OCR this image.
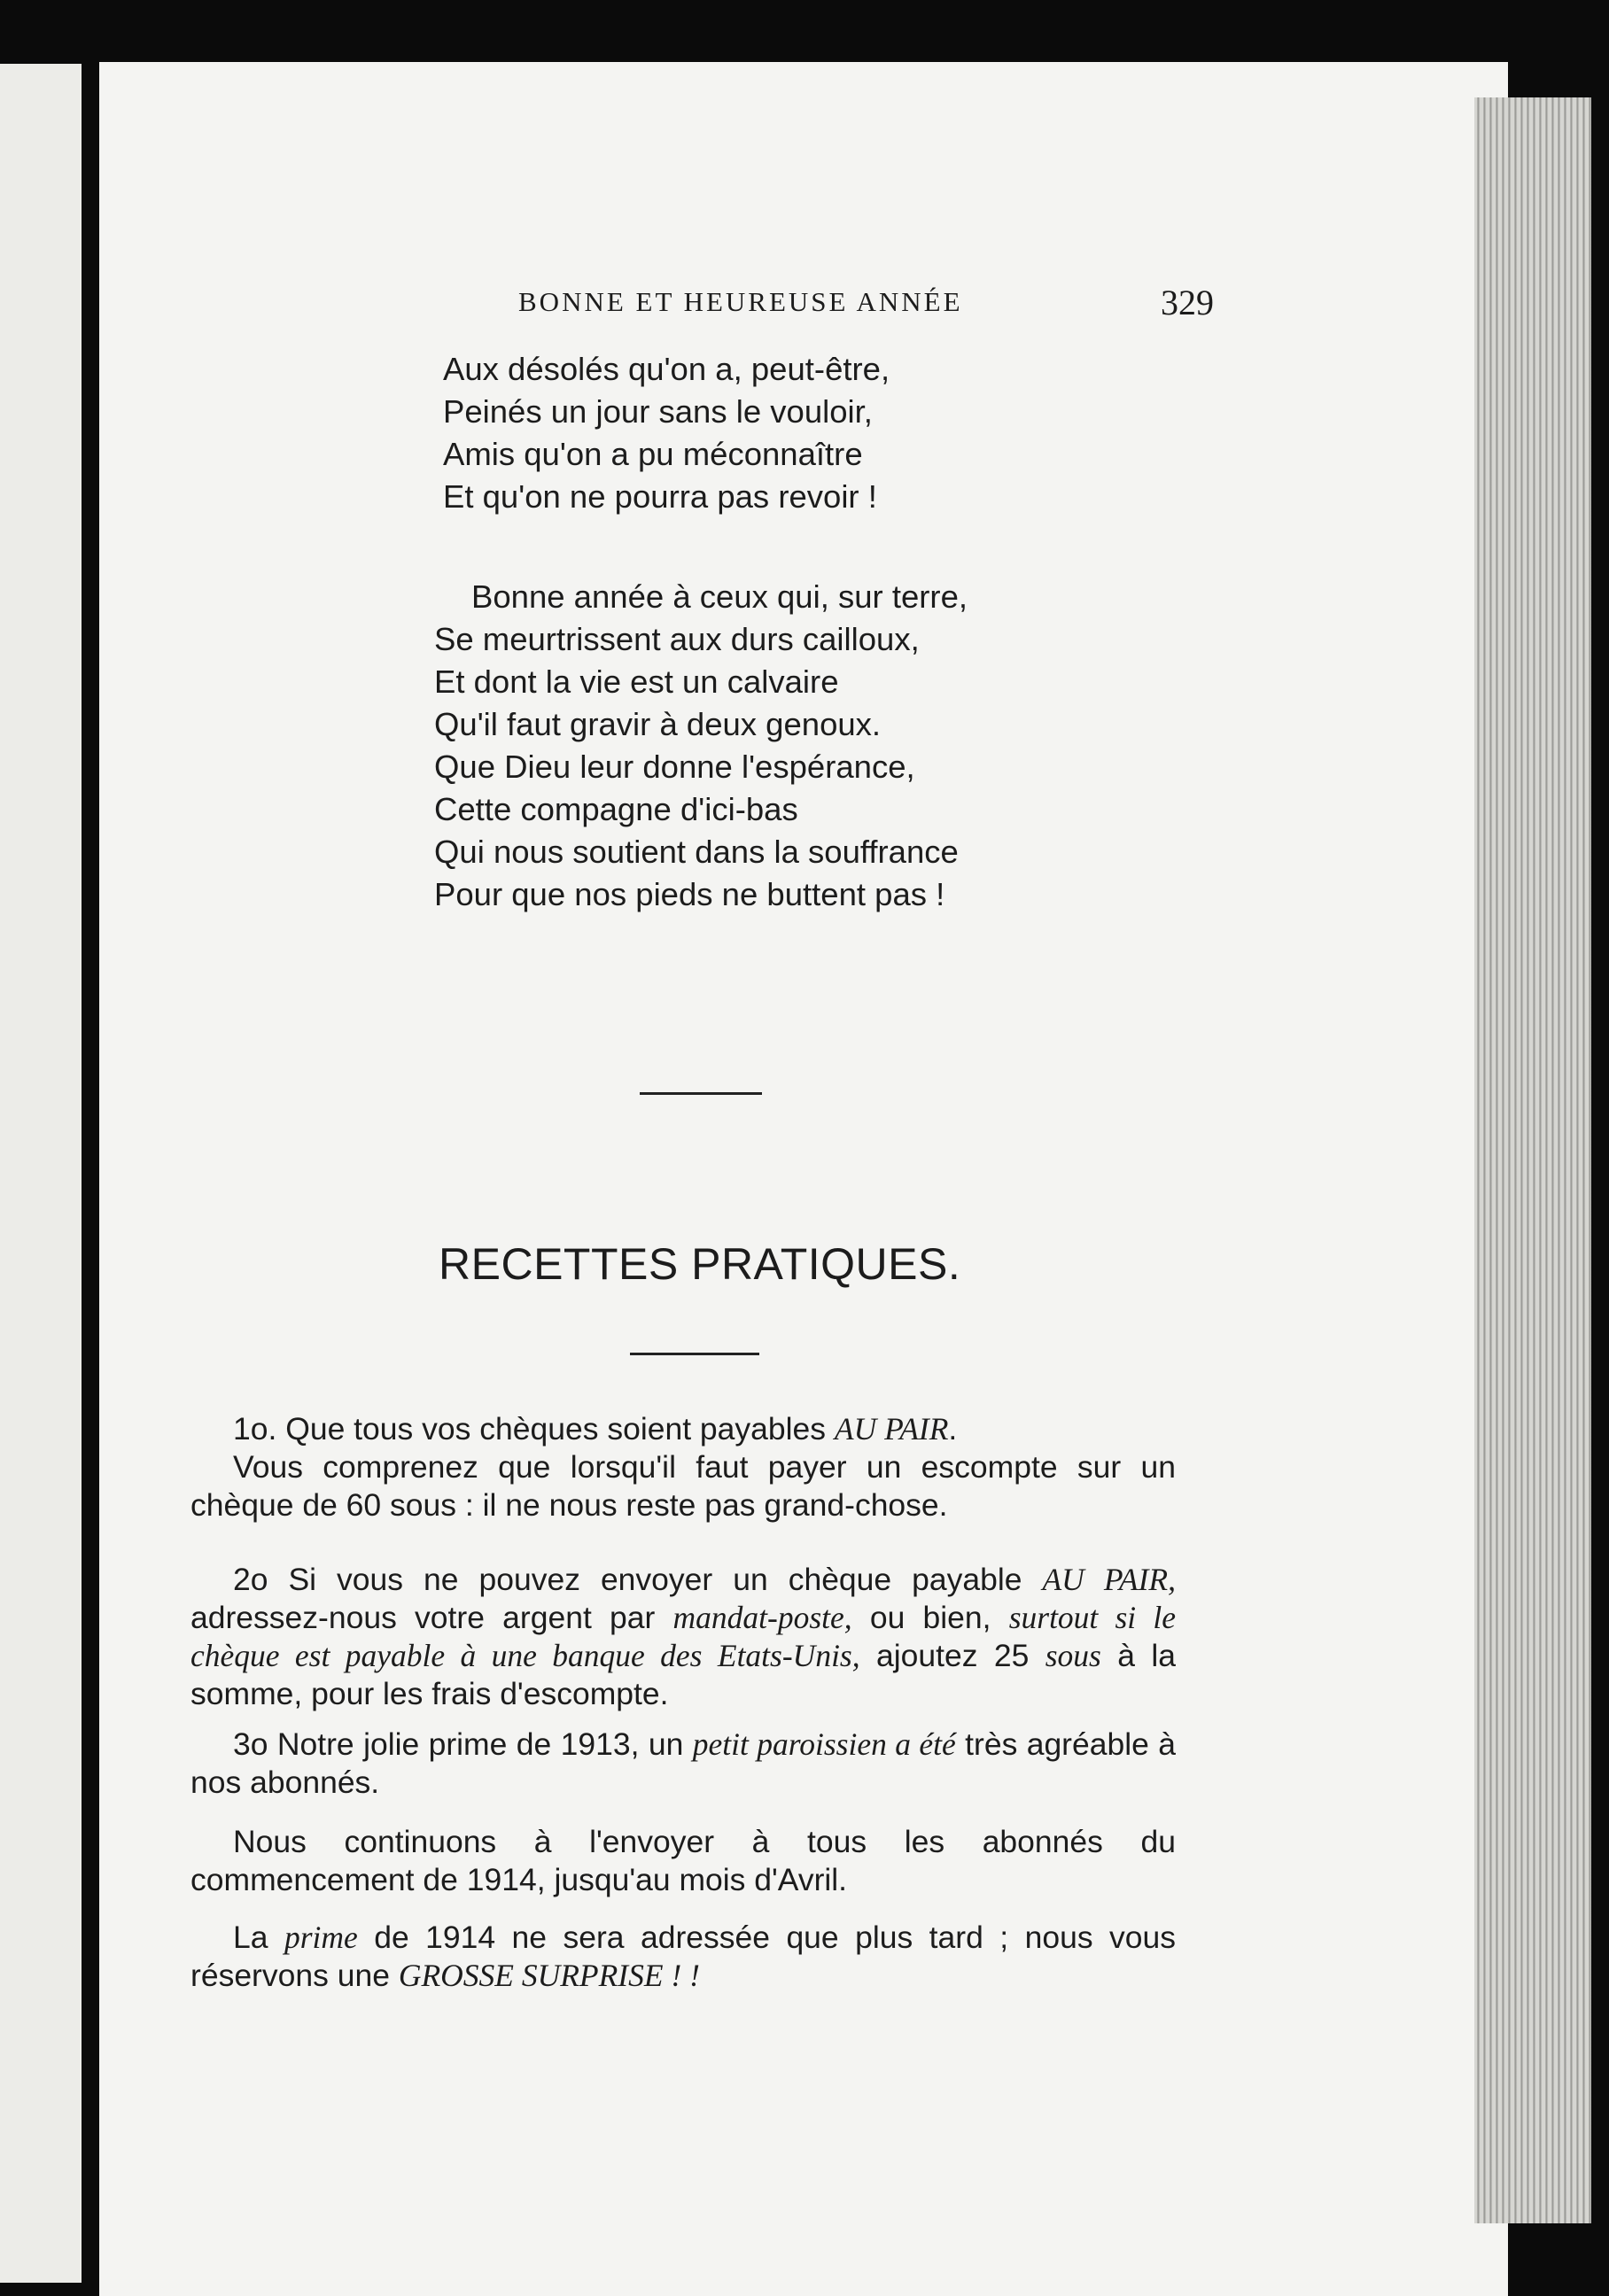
BONNE ET HEUREUSE ANNÉE	329
Aux désolés qu'on a, peut-être,
Peinés un jour sans le vouloir,
Amis qu'on a pu méconnaître
Et qu'on ne pourra pas revoir !
Bonne année à ceux qui, sur terre,
Se meurtrissent aux durs cailloux,
Et dont la vie est un calvaire
Qu'il faut gravir à deux genoux.
Que Dieu leur donne l'espérance,
Cette compagne d'ici-bas
Qui nous soutient dans la souffrance
Pour que nos pieds ne buttent pas !
RECETTES PRATIQUES.
1o. Que tous vos chèques soient payables AU PAIR.
Vous comprenez que lorsqu'il faut payer un escompte sur un chèque de 60 sous : il ne nous reste pas grand-chose.
2o Si vous ne pouvez envoyer un chèque payable AU PAIR, adressez-nous votre argent par mandat-poste, ou bien, surtout si le chèque est payable à une banque des Etats-Unis, ajoutez 25 sous à la somme, pour les frais d'escompte.
3o Notre jolie prime de 1913, un petit paroissien a été très agréable à nos abonnés.
Nous continuons à l'envoyer à tous les abonnés du commencement de 1914, jusqu'au mois d'Avril.
La prime de 1914 ne sera adressée que plus tard ; nous vous réservons une GROSSE SURPRISE ! !
